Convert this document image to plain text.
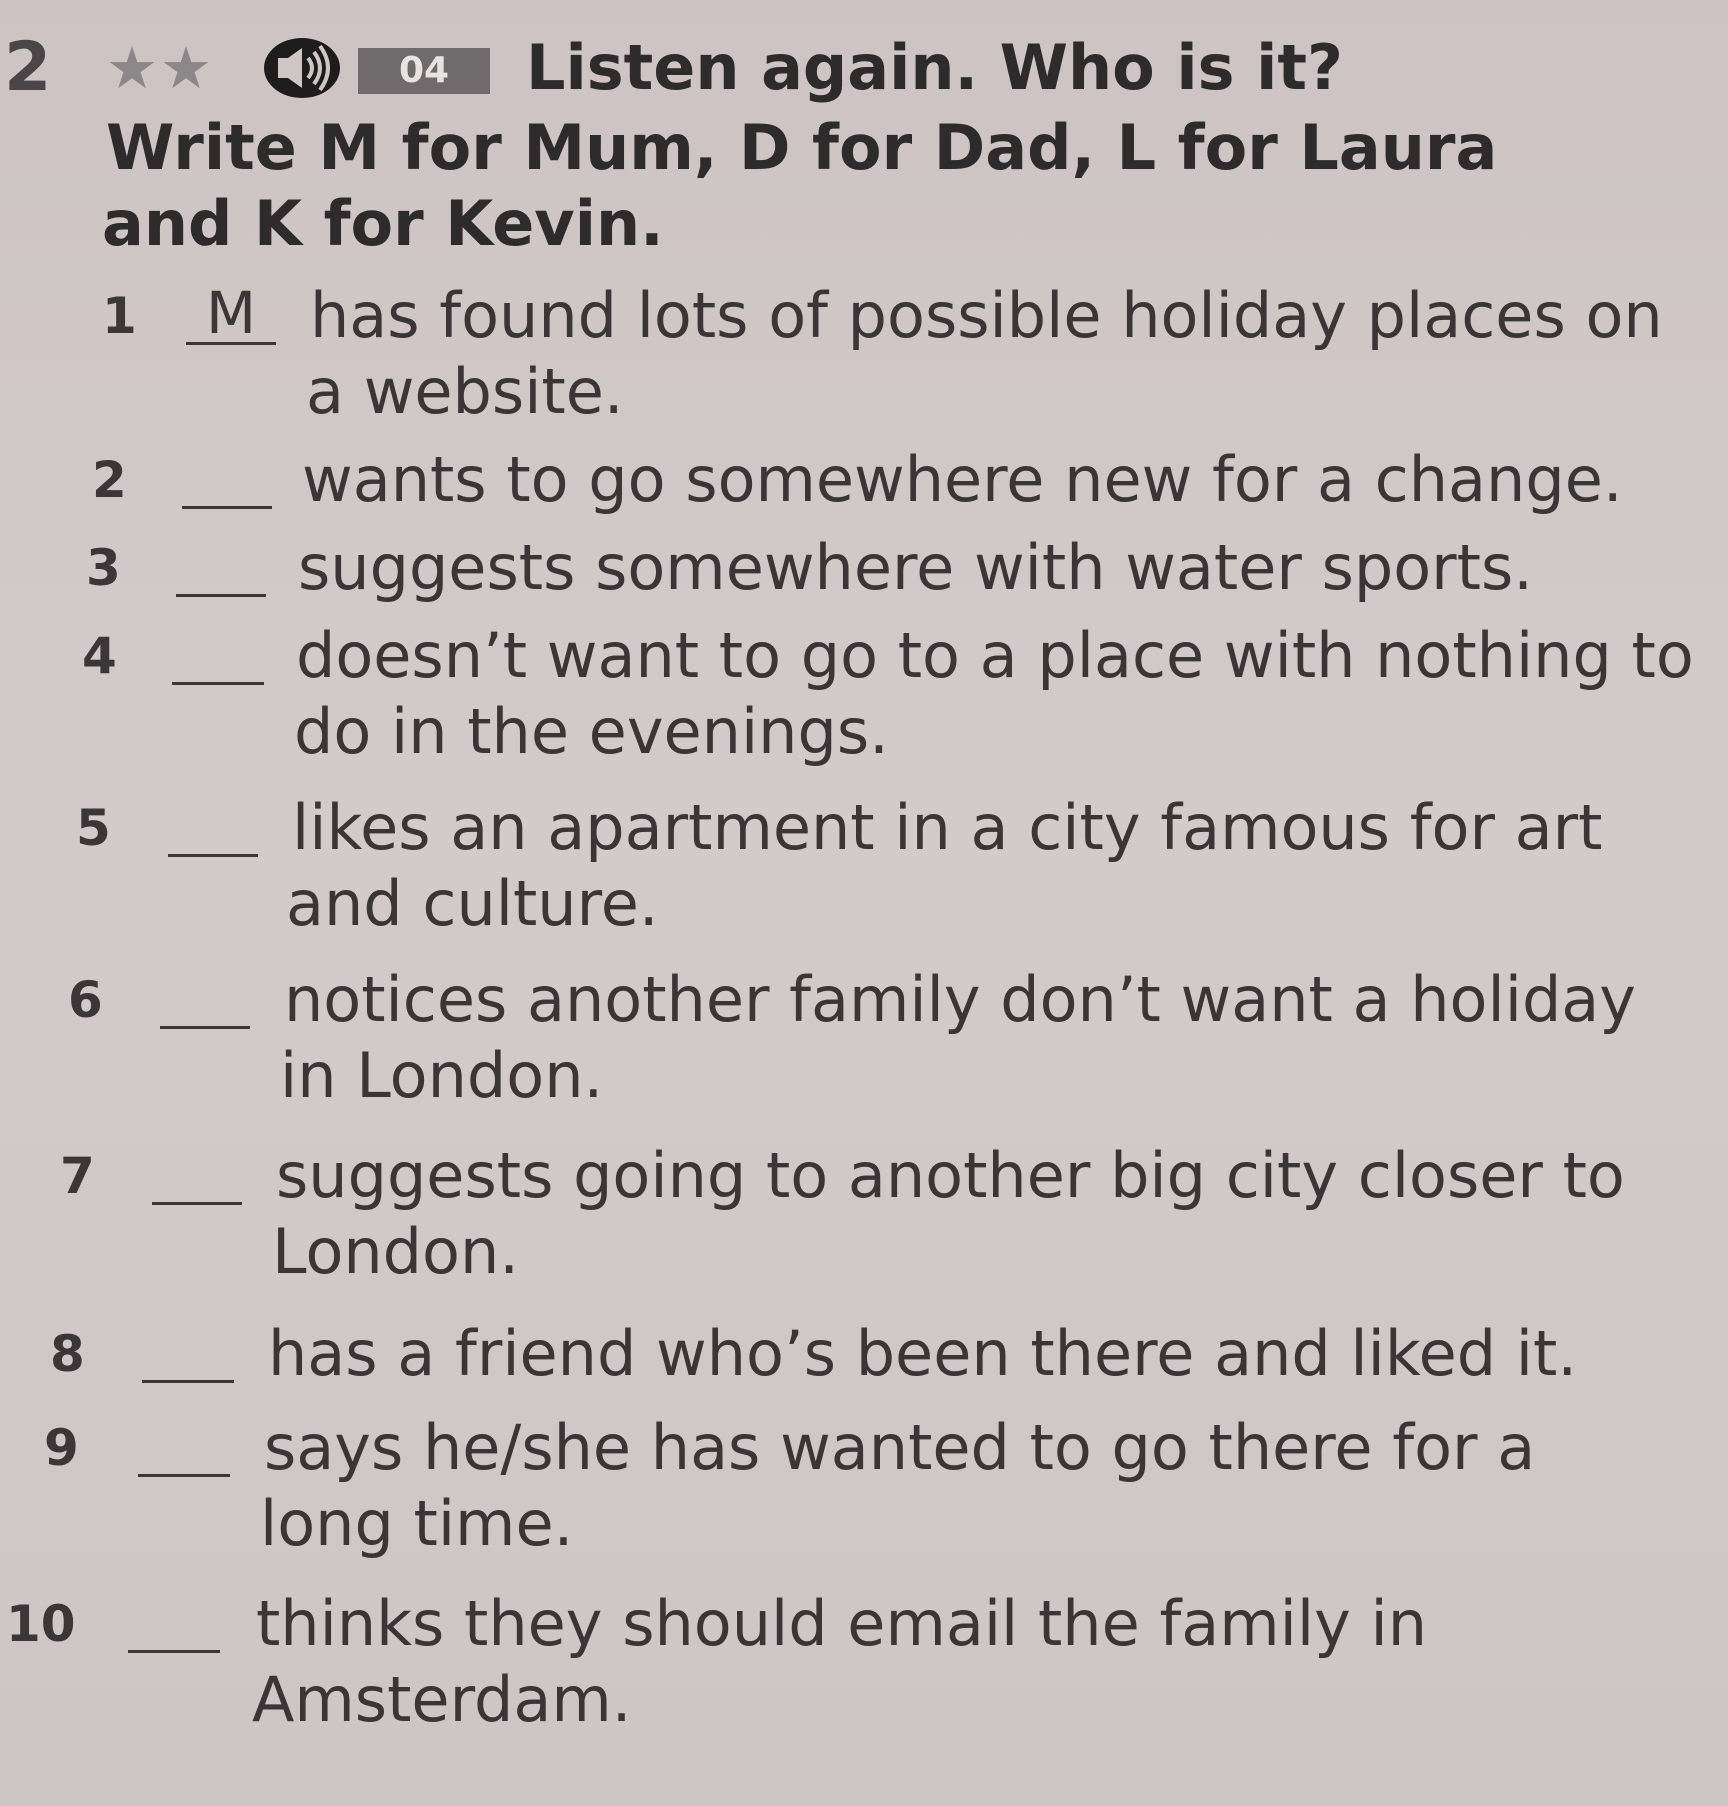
2 ★★	04	Listen again. Who is it?
Write M for Mum, D for Dad, L for Laura
and K for Kevin.
1	M has found lots of possible holiday places on
a website.
2	wants to go somewhere new for a change.
3	suggests somewhere with water sports.
4	doesn’t want to go to a place with nothing to
do in the evenings.
5	likes an apartment in a city famous for art
and culture.
6	notices another family don’t want a holiday
in London.
7	suggests going to another big city closer to
London.
8	has a friend who’s been there and liked it.
9	says he/she has wanted to go there for a
long time.
10	thinks they should email the family in
Amsterdam.
